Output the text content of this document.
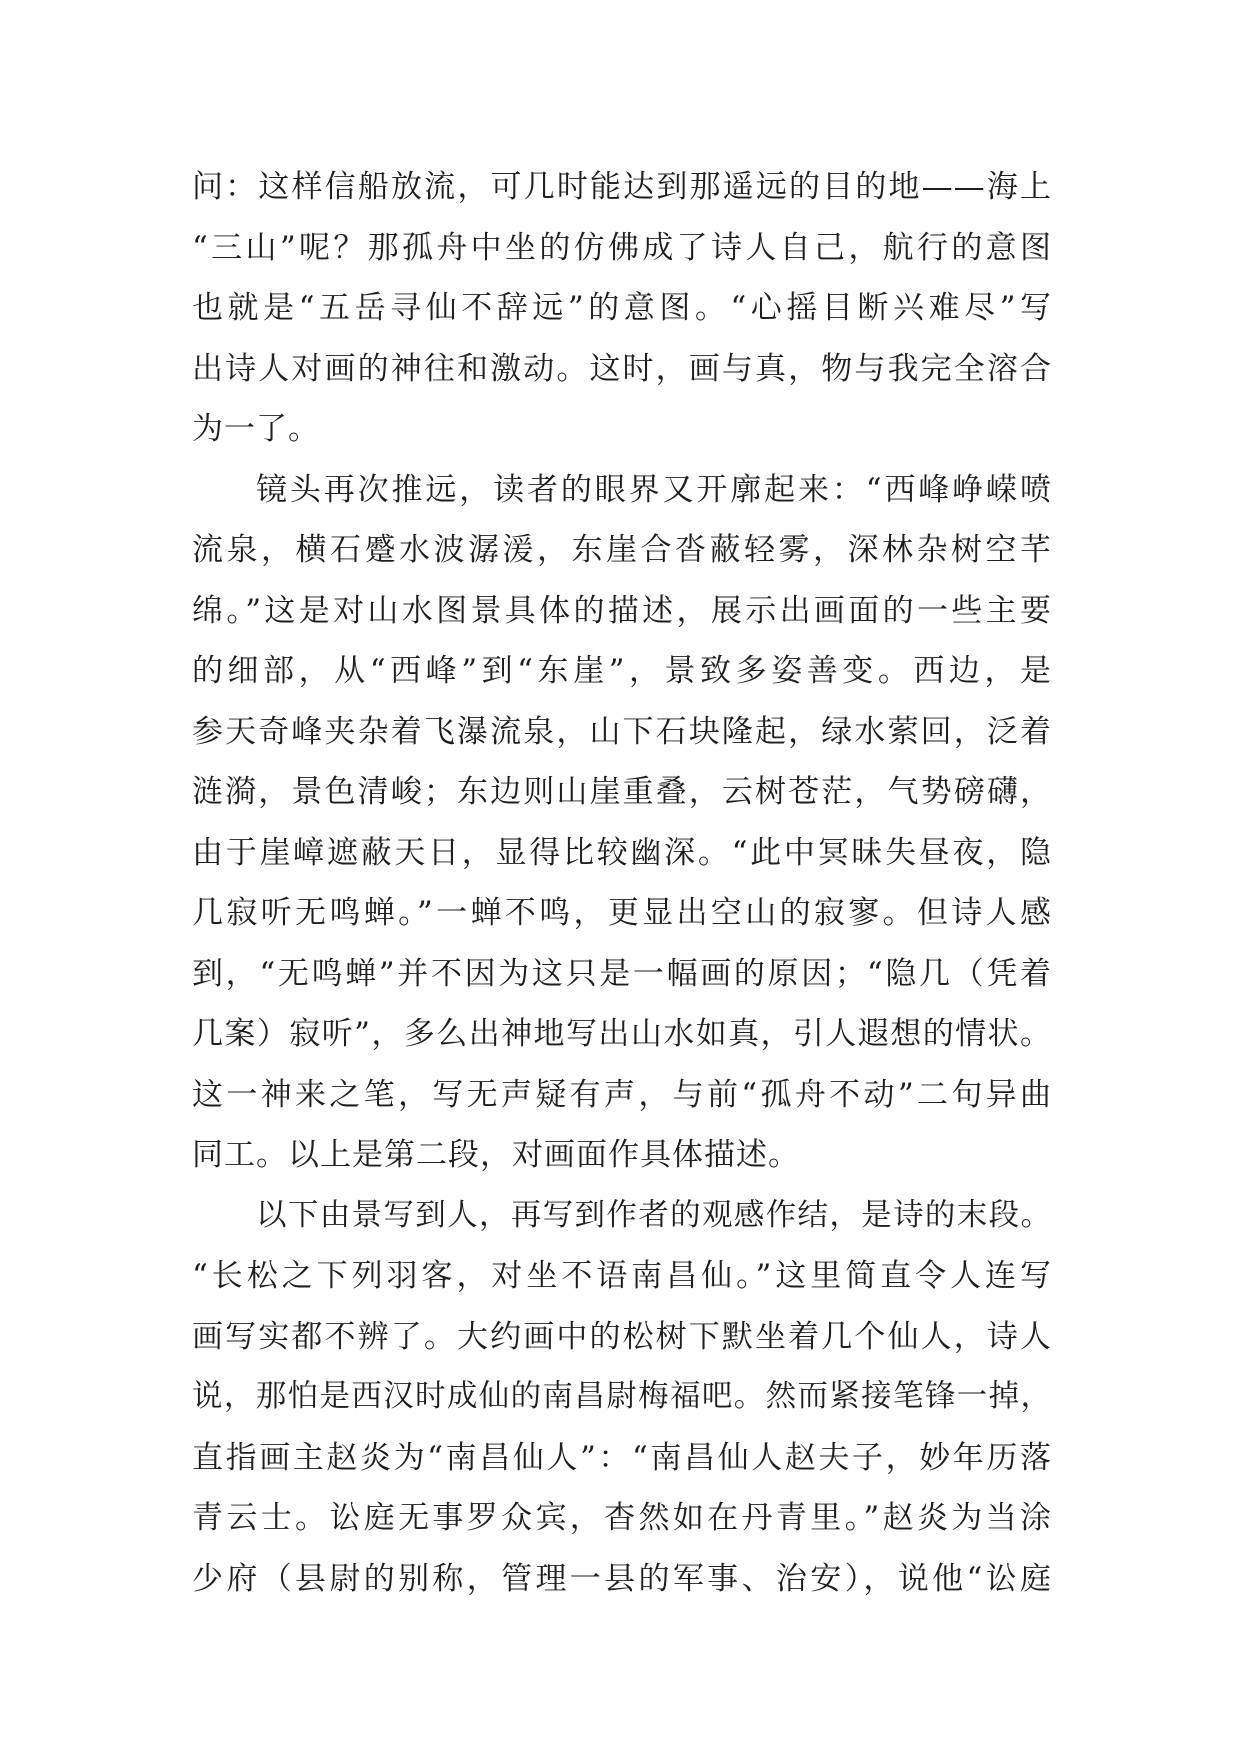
问：这样信船放流，可几时能达到那遥远的目的地——海上
“三山”呢？那孤舟中坐的仿佛成了诗人自己，航行的意图
也就是“五岳寻仙不辞远”的意图。“心摇目断兴难尽”写
出诗人对画的神往和激动。这时，画与真，物与我完全溶合
为一了。
镜头再次推远，读者的眼界又开廓起来：“西峰峥嵘喷
流泉，横石蹙水波潺湲，东崖合沓蔽轻雾，深林杂树空芊
绵。”这是对山水图景具体的描述，展示出画面的一些主要
的细部，从“西峰”到“东崖”，景致多姿善变。西边，是
参天奇峰夹杂着飞瀑流泉，山下石块隆起，绿水萦回，泛着
涟漪，景色清峻；东边则山崖重叠，云树苍茫，气势磅礴，
由于崖嶂遮蔽天日，显得比较幽深。“此中冥昧失昼夜，隐
几寂听无鸣蝉。”一蝉不鸣，更显出空山的寂寥。但诗人感
到，“无鸣蝉”并不因为这只是一幅画的原因；“隐几（凭着
几案）寂听”，多么出神地写出山水如真，引人遐想的情状。
这一神来之笔，写无声疑有声，与前“孤舟不动”二句异曲
同工。以上是第二段，对画面作具体描述。
以下由景写到人，再写到作者的观感作结，是诗的末段。
“长松之下列羽客，对坐不语南昌仙。”这里简直令人连写
画写实都不辨了。大约画中的松树下默坐着几个仙人，诗人
说，那怕是西汉时成仙的南昌尉梅福吧。然而紧接笔锋一掉，
直指画主赵炎为“南昌仙人”：“南昌仙人赵夫子，妙年历落
青云士。讼庭无事罗众宾，杳然如在丹青里。”赵炎为当涂
少府（县尉的别称，管理一县的军事、治安），说他“讼庭
